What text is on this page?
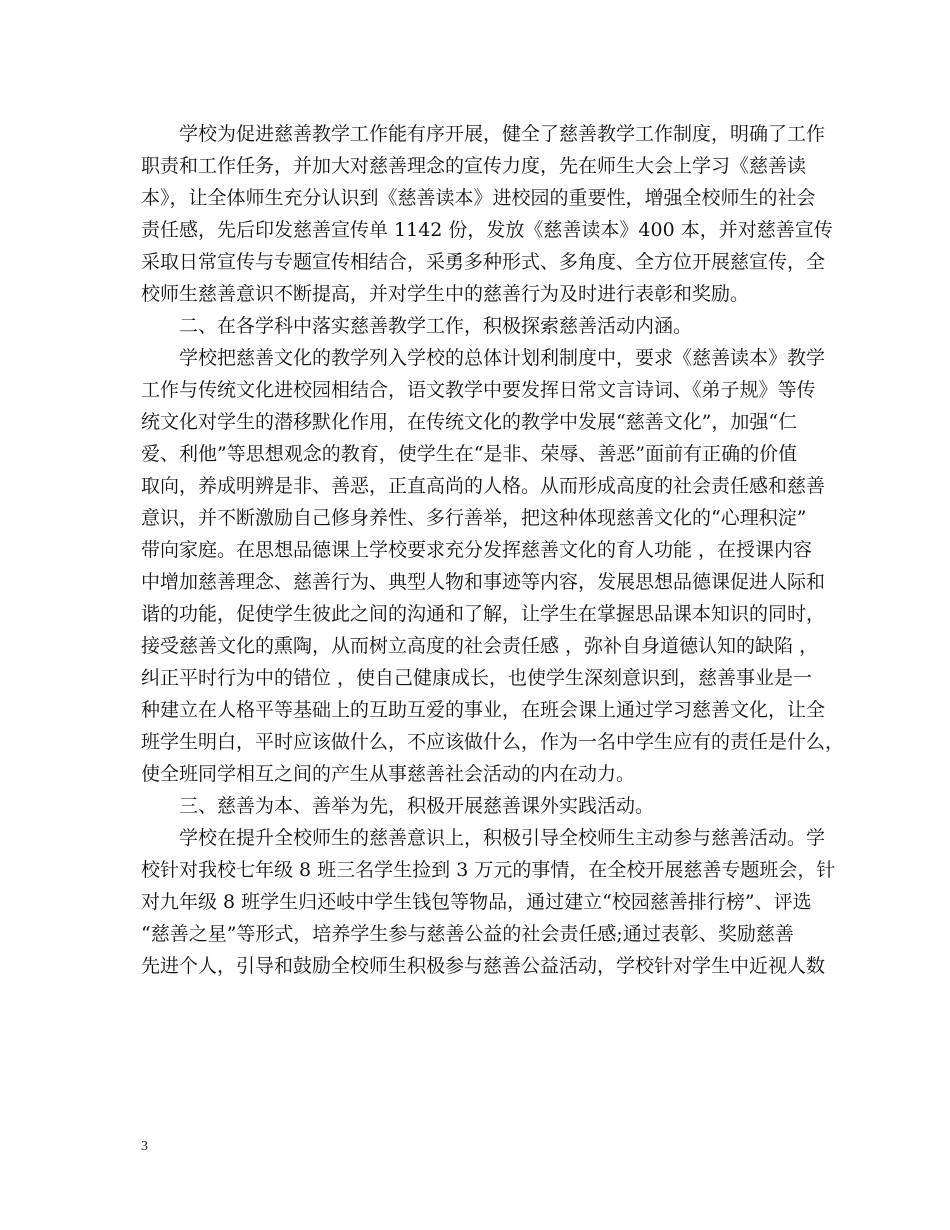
　　学校为促进慈善教学工作能有序开展，健全了慈善教学工作制度，明确了工作
职责和工作任务，并加大对慈善理念的宣传力度，先在师生大会上学习《慈善读
本》，让全体师生充分认识到《慈善读本》进校园的重要性，增强全校师生的社会
责任感，先后印发慈善宣传单 1142 份，发放《慈善读本》400 本，并对慈善宣传
采取日常宣传与专题宣传相结合，采勇多种形式、多角度、全方位开展慈宣传，全
校师生慈善意识不断提高，并对学生中的慈善行为及时进行表彰和奖励。
　　二、在各学科中落实慈善教学工作，积极探索慈善活动内涵。
　　学校把慈善文化的教学列入学校的总体计划利制度中，要求《慈善读本》教学
工作与传统文化进校园相结合，语文教学中要发挥日常文言诗词、《弟子规》等传
统文化对学生的潜移默化作用，在传统文化的教学中发展“慈善文化”，加强“仁
爱、利他”等思想观念的教育，使学生在“是非、荣辱、善恶”面前有正确的价值
取向，养成明辨是非、善恶，正直高尚的人格。从而形成高度的社会责任感和慈善
意识，并不断激励自己修身养性、多行善举，把这种体现慈善文化的“心理积淀”
带向家庭。在思想品德课上学校要求充分发挥慈善文化的育人功能 ，在授课内容
中增加慈善理念、慈善行为、典型人物和事迹等内容，发展思想品德课促进人际和
谐的功能，促使学生彼此之间的沟通和了解，让学生在掌握思品课本知识的同时，
接受慈善文化的熏陶，从而树立高度的社会责任感 ，弥补自身道德认知的缺陷 ，
纠正平时行为中的错位 ，使自己健康成长，也使学生深刻意识到，慈善事业是一
种建立在人格平等基础上的互助互爱的事业，在班会课上通过学习慈善文化，让全
班学生明白，平时应该做什么，不应该做什么，作为一名中学生应有的责任是什么，
使全班同学相互之间的产生从事慈善社会活动的内在动力。
　　三、慈善为本、善举为先，积极开展慈善课外实践活动。
　　学校在提升全校师生的慈善意识上，积极引导全校师生主动参与慈善活动。学
校针对我校七年级 8 班三名学生捡到 3 万元的事情，在全校开展慈善专题班会，针
对九年级 8 班学生归还岐中学生钱包等物品，通过建立“校园慈善排行榜”、评选
“慈善之星”等形式，培养学生参与慈善公益的社会责任感;通过表彰、奖励慈善
先进个人，引导和鼓励全校师生积极参与慈善公益活动，学校针对学生中近视人数
3
